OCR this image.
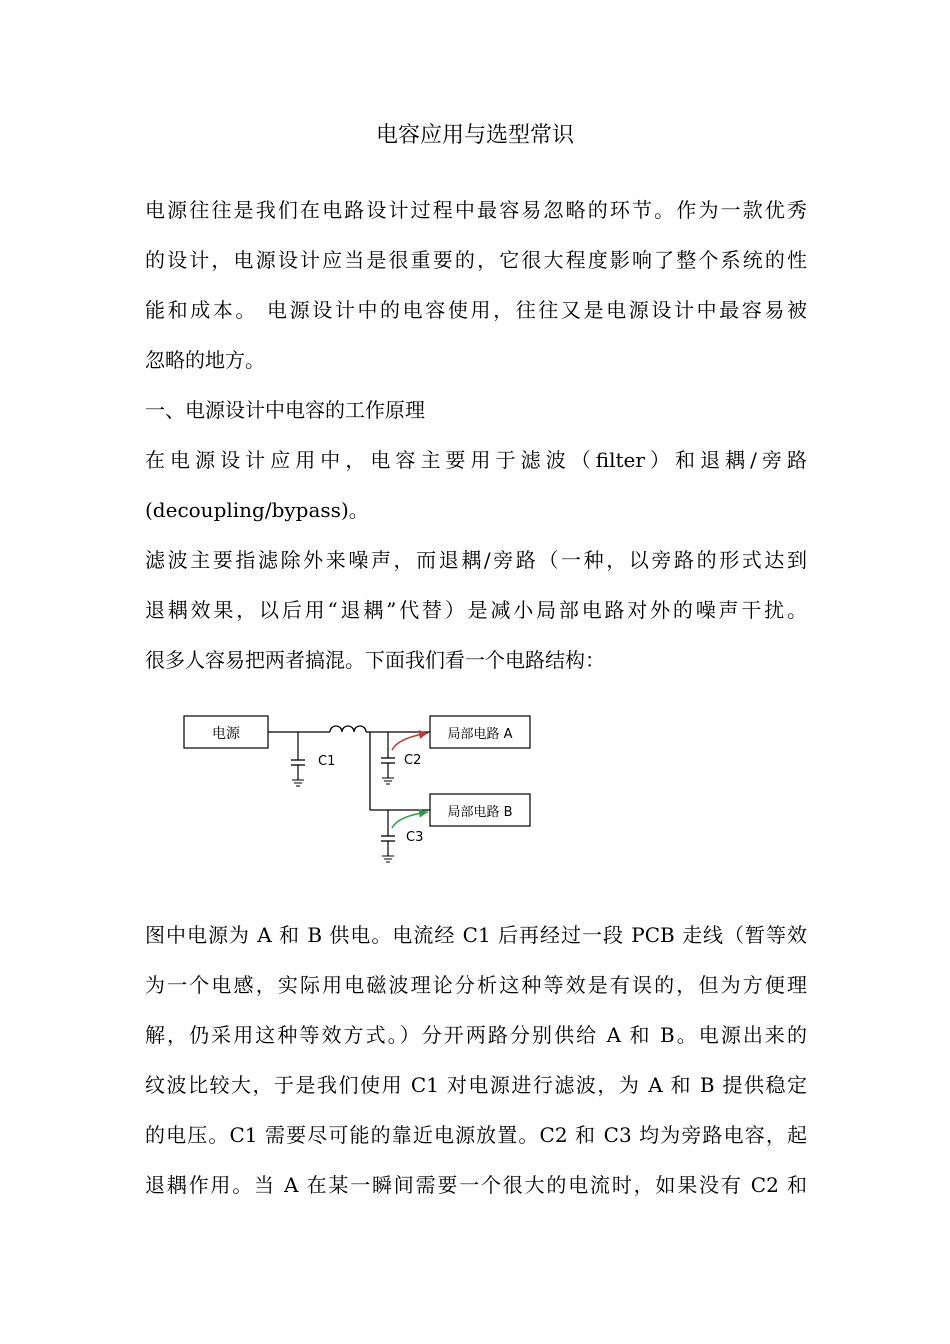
电容应用与选型常识
电源往往是我们在电路设计过程中最容易忽略的环节。作为一款优秀
的设计，电源设计应当是很重要的，它很大程度影响了整个系统的性
能和成本。 电源设计中的电容使用，往往又是电源设计中最容易被
忽略的地方。
一、电源设计中电容的工作原理
在电源设计应用中，电容主要用于滤波（filter）和退耦/旁路
(decoupling/bypass)。
滤波主要指滤除外来噪声，而退耦/旁路（一种，以旁路的形式达到
退耦效果，以后用“退耦”代替）是减小局部电路对外的噪声干扰。
很多人容易把两者搞混。下面我们看一个电路结构：
电源
C1	C2
C3
局部电路 A
局部电路 B
图中电源为 A 和 B 供电。电流经 C1 后再经过一段 PCB 走线（暂等效
为一个电感，实际用电磁波理论分析这种等效是有误的，但为方便理
解，仍采用这种等效方式。）分开两路分别供给 A 和 B。电源出来的
纹波比较大，于是我们使用 C1 对电源进行滤波，为 A 和 B 提供稳定
的电压。C1 需要尽可能的靠近电源放置。C2 和 C3 均为旁路电容，起
退耦作用。当 A 在某一瞬间需要一个很大的电流时，如果没有 C2 和
